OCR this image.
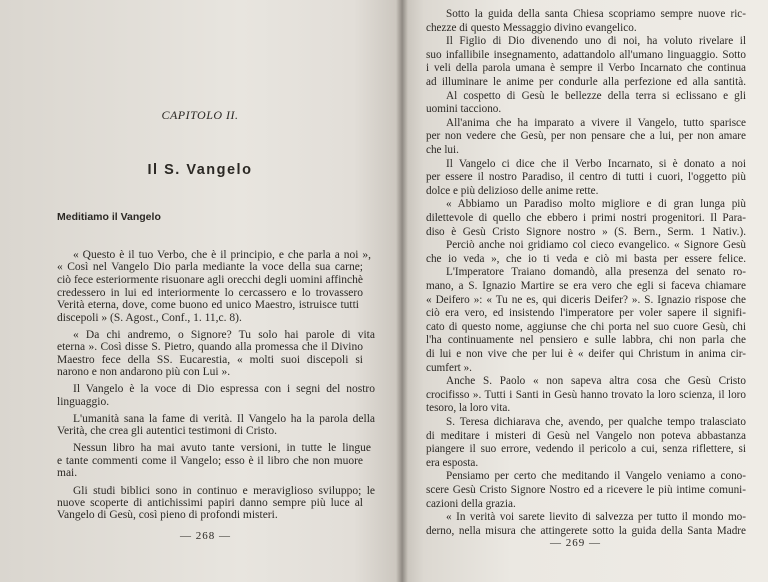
CAPITOLO II.
Il S. Vangelo
Meditiamo il Vangelo
« Questo è il tuo Verbo, che è il principio, e che parla a noi »,
« Così nel Vangelo Dio parla mediante la voce della sua carne;
ciò fece esteriormente risuonare agli orecchi degli uomini affinchè
credessero in lui ed interiormente lo cercassero e lo trovassero
Verità eterna, dove, come buono ed unico Maestro, istruisce tutti
discepoli » (S. Agost., Conf., 1. 11,c. 8).
« Da chi andremo, o Signore? Tu solo hai parole di vita
eterna ». Così disse S. Pietro, quando alla promessa che il Divino
Maestro fece della SS. Eucarestia, « molti suoi discepoli si
narono e non andarono più con Lui ».
Il Vangelo è la voce di Dio espressa con i segni del nostro
linguaggio.
L'umanità sana la fame di verità. Il Vangelo ha la parola della
Verità, che crea gli autentici testimoni di Cristo.
Nessun libro ha mai avuto tante versioni, in tutte le lingue
e tante commenti come il Vangelo; esso è il libro che non muore
mai.
Gli studi biblici sono in continuo e meraviglioso sviluppo; le
nuove scoperte di antichissimi papiri danno sempre più luce al
Vangelo di Gesù, così pieno di profondi misteri.
— 268 —
Sotto la guida della santa Chiesa scopriamo sempre nuove ric-
chezze di questo Messaggio divino evangelico.
Il Figlio di Dio divenendo uno di noi, ha voluto rivelare il
suo infallibile insegnamento, adattandolo all'umano linguaggio. Sotto
i veli della parola umana è sempre il Verbo Incarnato che continua
ad illuminare le anime per condurle alla perfezione ed alla santità.
Al cospetto di Gesù le bellezze della terra si eclissano e gli
uomini tacciono.
All'anima che ha imparato a vivere il Vangelo, tutto sparisce
per non vedere che Gesù, per non pensare che a lui, per non amare
che lui.
Il Vangelo ci dice che il Verbo Incarnato, si è donato a noi
per essere il nostro Paradiso, il centro di tutti i cuori, l'oggetto più
dolce e più delizioso delle anime rette.
« Abbiamo un Paradiso molto migliore e di gran lunga più
dilettevole di quello che ebbero i primi nostri progenitori. Il Para-
diso è Gesù Cristo Signore nostro » (S. Bern., Serm. 1 Nativ.).
Perciò anche noi gridiamo col cieco evangelico. « Signore Gesù
che io veda », che io ti veda e ciò mi basta per essere felice.
L'Imperatore Traiano domandò, alla presenza del senato ro-
mano, a S. Ignazio Martire se era vero che egli si faceva chiamare
« Deifero »: « Tu ne es, qui diceris Deifer? ». S. Ignazio rispose che
ciò era vero, ed insistendo l'imperatore per voler sapere il signifi-
cato di questo nome, aggiunse che chi porta nel suo cuore Gesù, chi
l'ha continuamente nel pensiero e sulle labbra, chi non parla che
di lui e non vive che per lui è « deifer qui Christum in anima cir-
cumfert ».
Anche S. Paolo « non sapeva altra cosa che Gesù Cristo
crocifisso ». Tutti i Santi in Gesù hanno trovato la loro scienza, il loro
tesoro, la loro vita.
S. Teresa dichiarava che, avendo, per qualche tempo tralasciato
di meditare i misteri di Gesù nel Vangelo non poteva abbastanza
piangere il suo errore, vedendo il pericolo a cui, senza riflettere, si
era esposta.
Pensiamo per certo che meditando il Vangelo veniamo a cono-
scere Gesù Cristo Signore Nostro ed a ricevere le più intime comuni-
cazioni della grazia.
« In verità voi sarete lievito di salvezza per tutto il mondo mo-
derno, nella misura che attingerete sotto la guida della Santa Madre
— 269 —
